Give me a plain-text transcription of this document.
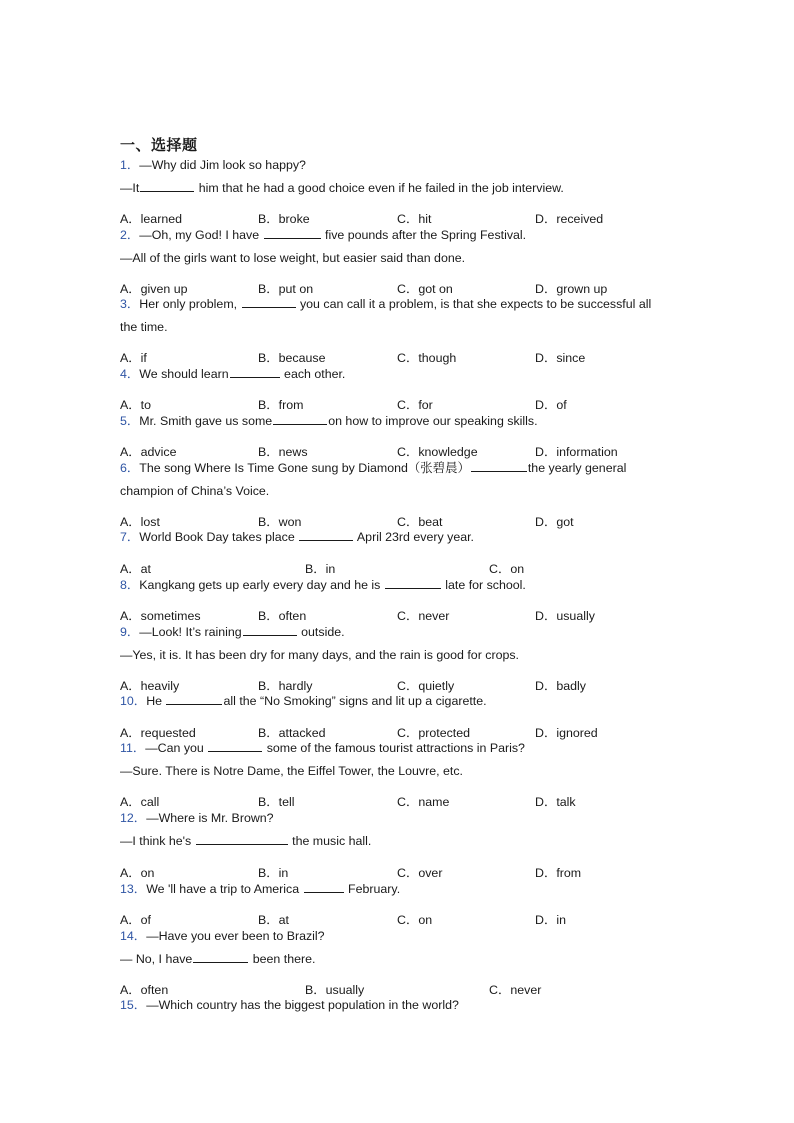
一、选择题
1．—Why did Jim look so happy?
—It	him that he had a good choice even if he failed in the job interview.
A．learned	B．broke	C．hit	D．received
2．—Oh, my God! I have	five pounds after the Spring Festival.
—All of the girls want to lose weight, but easier said than done.
A．given up	B．put on	C．got on	D．grown up
3．Her only problem,	you can call it a problem, is that she expects to be successful all
the time.
A．if	B．because	C．though	D．since
4．We should learn	each other.
A．to	B．from	C．for	D．of
5．Mr. Smith gave us some	on how to improve our speaking skills.
A．advice	B．news	C．knowledge	D．information
6．The song Where Is Time Gone sung by Diamond（张碧晨）	the yearly general
champion of China’s Voice.
A．lost	B．won	C．beat	D．got
7．World Book Day takes place	April 23rd every year.
A．at	B．in	C．on
8．Kangkang gets up early every day and he is	late for school.
A．sometimes	B．often	C．never	D．usually
9．—Look! It’s raining	outside.
—Yes, it is. It has been dry for many days, and the rain is good for crops.
A．heavily	B．hardly	C．quietly	D．badly
10．He	all the “No Smoking” signs and lit up a cigarette.
A．requested	B．attacked	C．protected	D．ignored
11．—Can you	some of the famous tourist attractions in Paris?
—Sure. There is Notre Dame, the Eiffel Tower, the Louvre, etc.
A．call	B．tell	C．name	D．talk
12．—Where is Mr. Brown?
—I think he's	the music hall.
A．on	B．in	C．over	D．from
13．We 'll have a trip to America	February.
A．of	B．at	C．on	D．in
14．—Have you ever been to Brazil?
— No, I have	been there.
A．often	B．usually	C．never
15．—Which country has the biggest population in the world?
